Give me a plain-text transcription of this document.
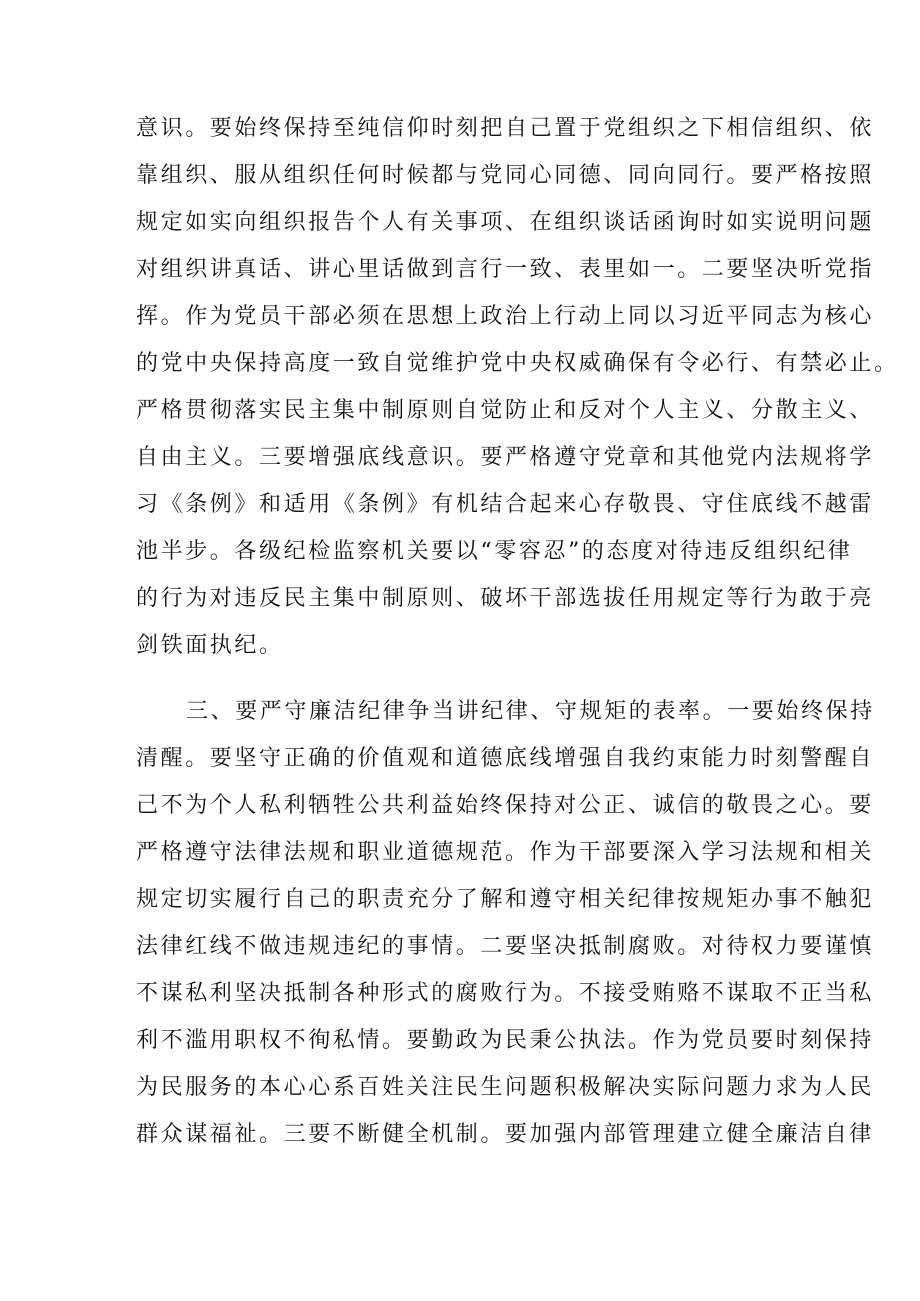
意识。要始终保持至纯信仰时刻把自己置于党组织之下相信组织、依
靠组织、服从组织任何时候都与党同心同德、同向同行。要严格按照
规定如实向组织报告个人有关事项、在组织谈话函询时如实说明问题
对组织讲真话、讲心里话做到言行一致、表里如一。二要坚决听党指
挥。作为党员干部必须在思想上政治上行动上同以习近平同志为核心
的党中央保持高度一致自觉维护党中央权威确保有令必行、有禁必止。
严格贯彻落实民主集中制原则自觉防止和反对个人主义、分散主义、
自由主义。三要增强底线意识。要严格遵守党章和其他党内法规将学
习《条例》和适用《条例》有机结合起来心存敬畏、守住底线不越雷
池半步。各级纪检监察机关要以“零容忍”的态度对待违反组织纪律
的行为对违反民主集中制原则、破坏干部选拔任用规定等行为敢于亮
剑铁面执纪。
三、要严守廉洁纪律争当讲纪律、守规矩的表率。一要始终保持
清醒。要坚守正确的价值观和道德底线增强自我约束能力时刻警醒自
己不为个人私利牺牲公共利益始终保持对公正、诚信的敬畏之心。要
严格遵守法律法规和职业道德规范。作为干部要深入学习法规和相关
规定切实履行自己的职责充分了解和遵守相关纪律按规矩办事不触犯
法律红线不做违规违纪的事情。二要坚决抵制腐败。对待权力要谨慎
不谋私利坚决抵制各种形式的腐败行为。不接受贿赂不谋取不正当私
利不滥用职权不徇私情。要勤政为民秉公执法。作为党员要时刻保持
为民服务的本心心系百姓关注民生问题积极解决实际问题力求为人民
群众谋福祉。三要不断健全机制。要加强内部管理建立健全廉洁自律
